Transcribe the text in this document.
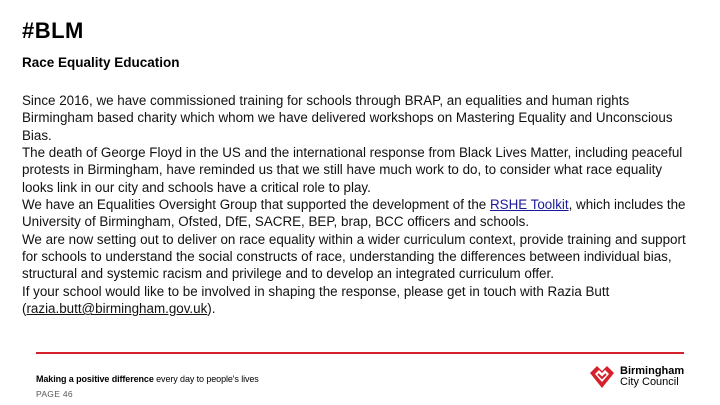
#BLM
Race Equality Education

Since 2016, we have commissioned training for schools through BRAP, an equalities and human rights Birmingham based charity which whom we have delivered workshops on Mastering Equality and Unconscious Bias.

The death of George Floyd in the US and the international response from Black Lives Matter, including peaceful protests in Birmingham, have reminded us that we still have much work to do, to consider what race equality looks link in our city and schools have a critical role to play.

We have an Equalities Oversight Group that supported the development of the RSHE Toolkit, which includes the University of Birmingham, Ofsted, DfE, SACRE, BEP, brap, BCC officers and schools.

We are now setting out to deliver on race equality within a wider curriculum context, provide training and support for schools to understand the social constructs of race, understanding the differences between individual bias, structural and systemic racism and privilege and to develop an integrated curriculum offer.

If your school would like to be involved in shaping the response, please get in touch with Razia Butt

(razia.butt@birmingham.gov.uk).

Making a positive difference every day to people's lives
PAGE 46
Birmingham
City Council
